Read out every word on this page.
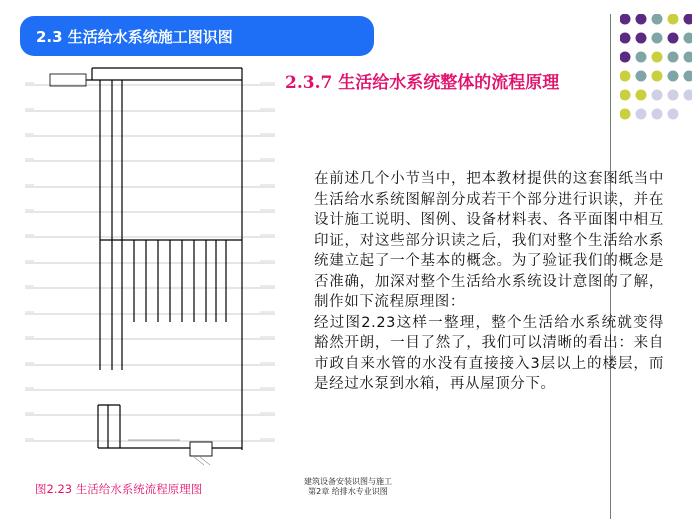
2.3 生活给水系统施工图识图
2.3.7 生活给水系统整体的流程原理

在前述几个小节当中，把本教材提供的这套图纸当中生活给水系统图解剖分成若干个部分进行识读，并在设计施工说明、图例、设备材料表、各平面图中相互印证，对这些部分识读之后，我们对整个生活给水系统建立起了一个基本的概念。为了验证我们的概念是否准确，加深对整个生活给水系统设计意图的了解，制作如下流程原理图：

经过图2.23这样一整理，整个生活给水系统就变得豁然开朗，一目了然了，我们可以清晰的看出：来自市政自来水管的水没有直接接入3层以上的楼层，而是经过水泵到水箱，再从屋顶分下。

图2.23 生活给水系统流程原理图
建筑设备安装识图与施工
第2章 给排水专业识图
